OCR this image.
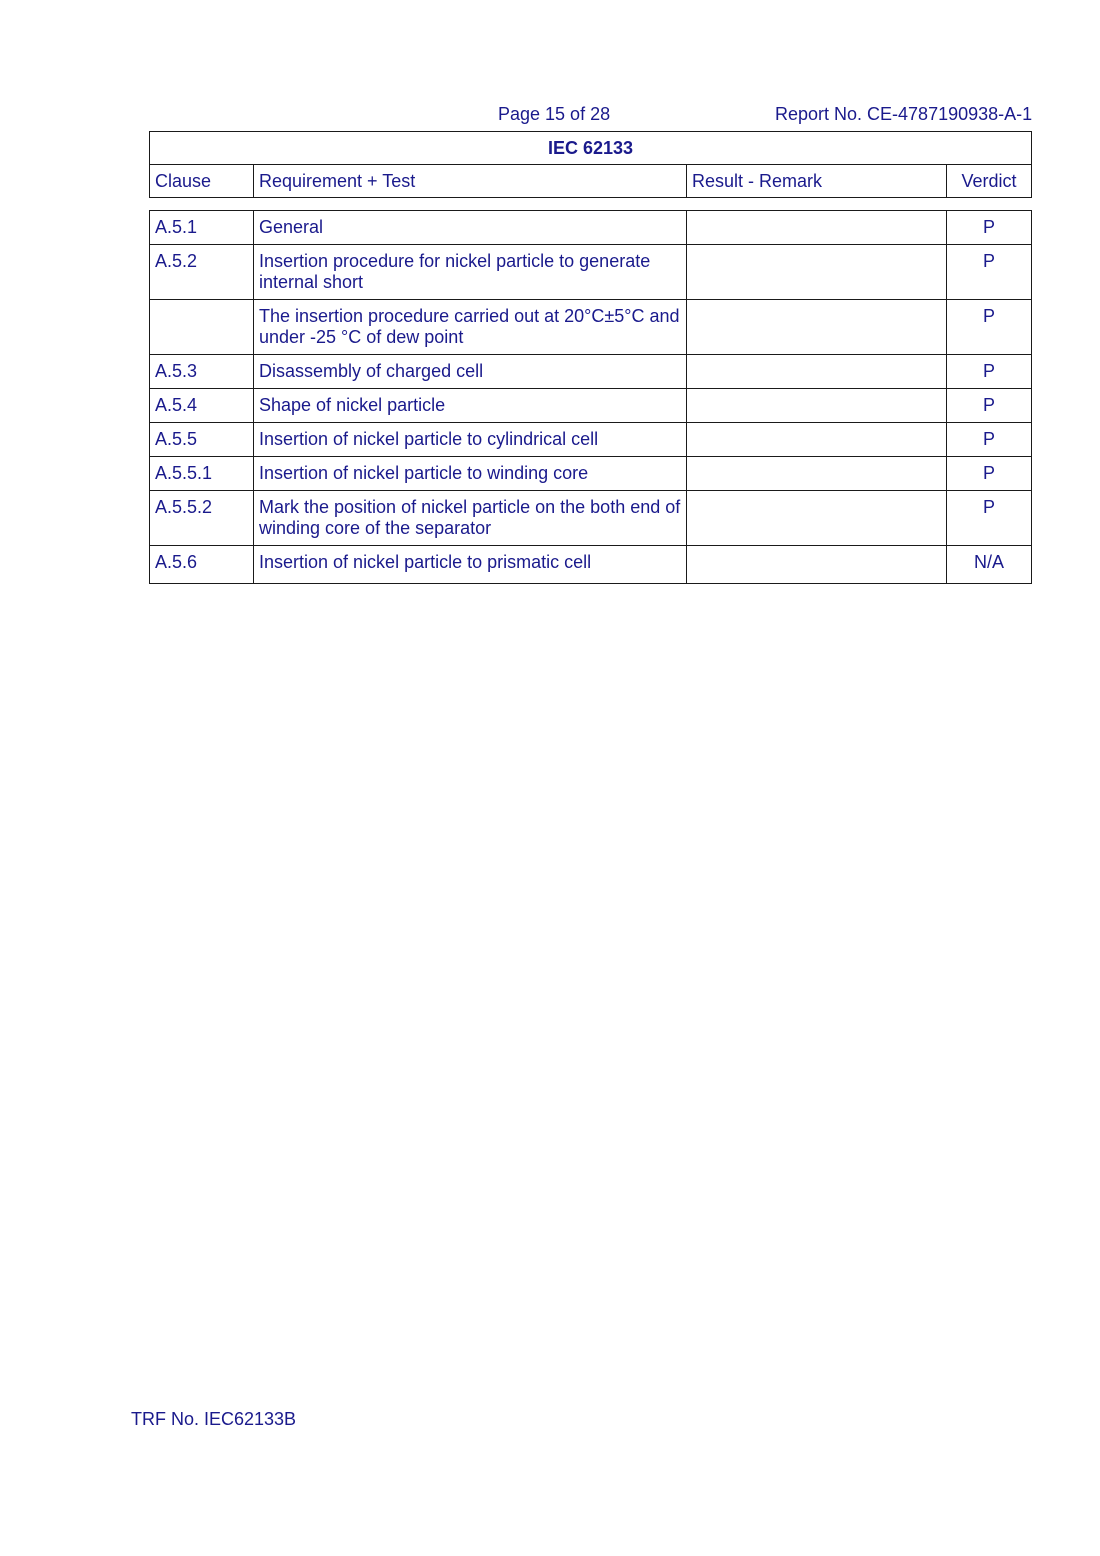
Page 15 of 28	Report No. CE-4787190938-A-1
IEC 62133
Clause	Requirement + Test	Result - Remark	Verdict
A.5.1	General		P
A.5.2	Insertion procedure for nickel particle to generate internal short		P
	The insertion procedure carried out at 20°C±5°C and under -25 °C of dew point		P
A.5.3	Disassembly of charged cell		P
A.5.4	Shape of nickel particle		P
A.5.5	Insertion of nickel particle to cylindrical cell		P
A.5.5.1	Insertion of nickel particle to winding core		P
A.5.5.2	Mark the position of nickel particle on the both end of winding core of the separator		P
A.5.6	Insertion of nickel particle to prismatic cell		N/A
TRF No. IEC62133B
